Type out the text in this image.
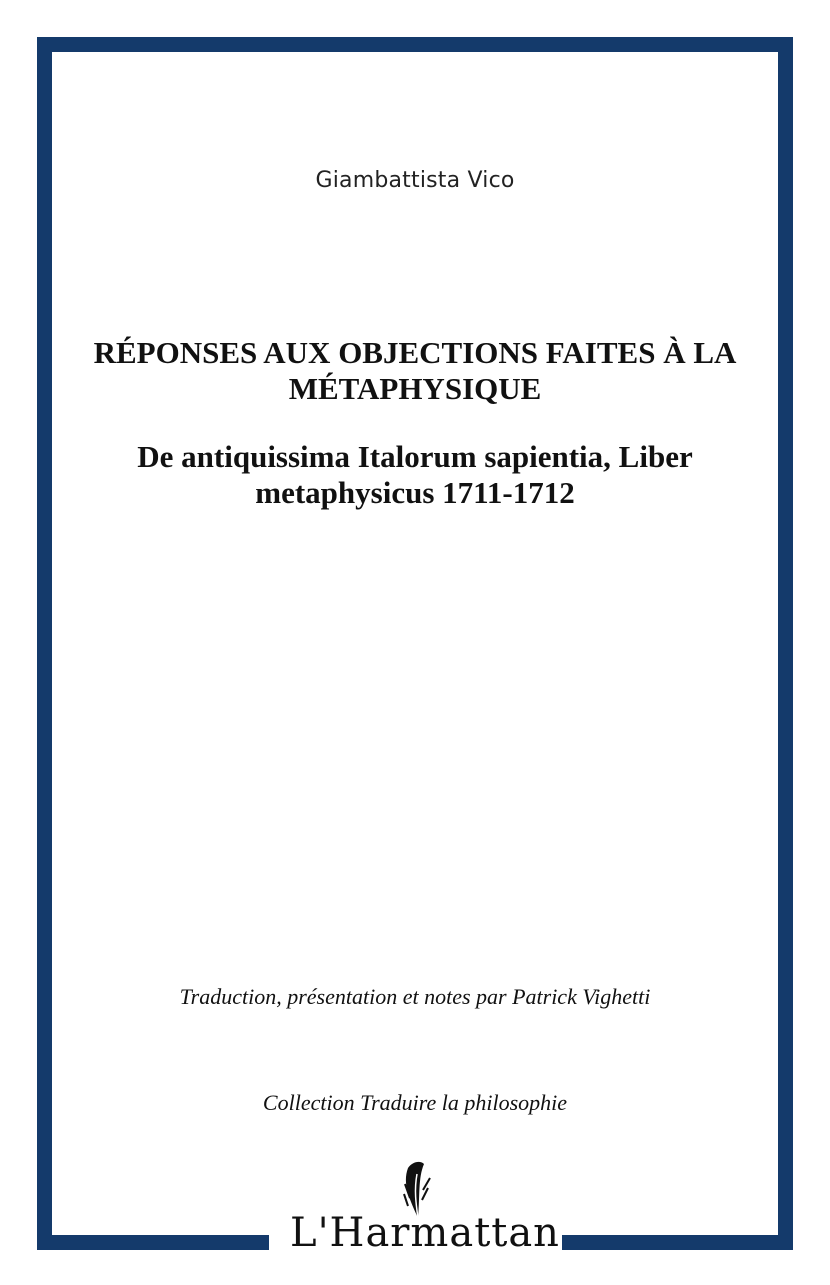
Giambattista Vico
RÉPONSES AUX OBJECTIONS FAITES À LA MÉTAPHYSIQUE
De antiquissima Italorum sapientia, Liber metaphysicus 1711-1712
Traduction, présentation et notes par Patrick Vighetti
Collection Traduire la philosophie
L'Harmattan
